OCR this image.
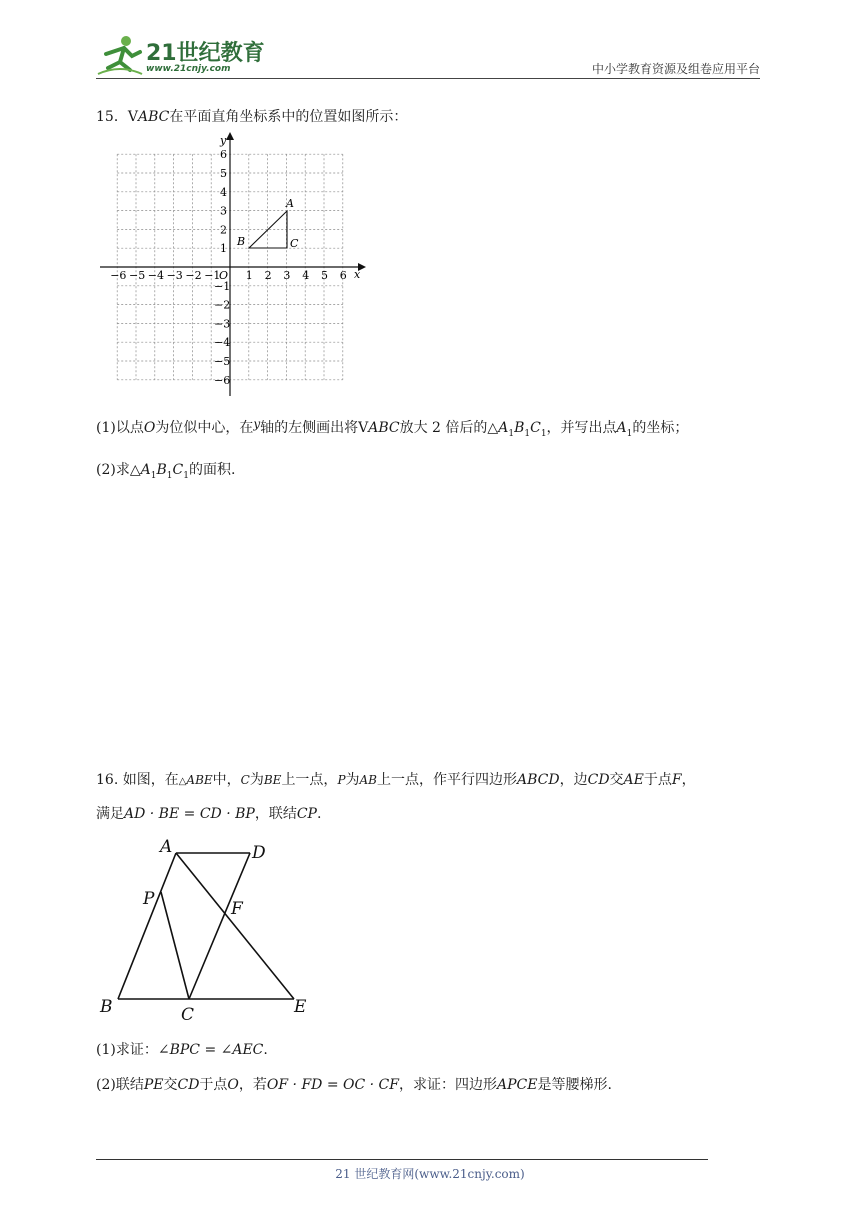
21世纪教育
www.21cnjy.com	中小学教育资源及组卷应用平台
15．VABC在平面直角坐标系中的位置如图所示：
x
y
O
−6 −5 −4 −3 −2 −1 1 2 3 4 5 6
6
5
4
3
2
1
−1
−2
−3
−4
−5
−6
A
B	C
(1)以点O为位似中心，在y轴的左侧画出将VABC放大 2 倍后的$\triangle A_1B_1C_1$，并写出点$A_1$的坐标；
(2)求$\triangle A_1B_1C_1$的面积.
16. 如图，在△ABE中，C为BE上一点，P为AB上一点，作平行四边形ABCD，边CD交AE于点F，
满足AD · BE = CD · BP，联结CP.
A	D
P	F
B	C	E
(1)求证：∠BPC = ∠AEC.
(2)联结PE交CD于点O，若OF · FD = OC · CF，求证：四边形APCE是等腰梯形.
21 世纪教育网(www.21cnjy.com)
